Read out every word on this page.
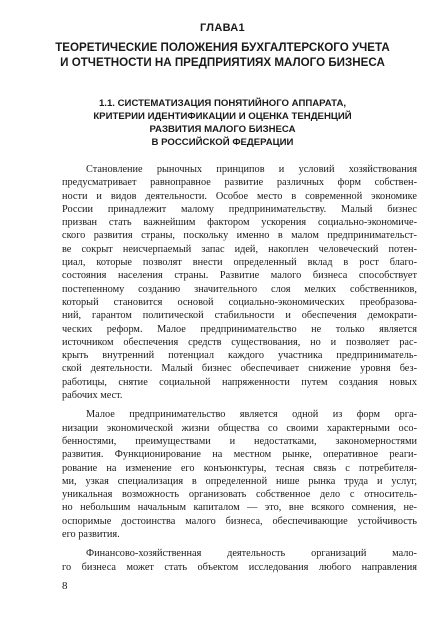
ГЛАВА1
ТЕОРЕТИЧЕСКИЕ ПОЛОЖЕНИЯ БУХГАЛТЕРСКОГО УЧЕТА
И ОТЧЕТНОСТИ НА ПРЕДПРИЯТИЯХ МАЛОГО БИЗНЕСА
1.1. СИСТЕМАТИЗАЦИЯ ПОНЯТИЙНОГО АППАРАТА,
КРИТЕРИИ ИДЕНТИФИКАЦИИ И ОЦЕНКА ТЕНДЕНЦИЙ
РАЗВИТИЯ МАЛОГО БИЗНЕСА
В РОССИЙСКОЙ ФЕДЕРАЦИИ
Становление рыночных принципов и условий хозяйствования
предусматривает равноправное развитие различных форм собствен-
ности и видов деятельности. Особое место в современной экономике
России принадлежит малому предпринимательству. Малый бизнес
призван стать важнейшим фактором ускорения социально-экономиче-
ского развития страны, поскольку именно в малом предпринимательст-
ве сокрыт неисчерпаемый запас идей, накоплен человеческий потен-
циал, которые позволят внести определенный вклад в рост благо-
состояния населения страны. Развитие малого бизнеса способствует
постепенному созданию значительного слоя мелких собственников,
который становится основой социально-экономических преобразова-
ний, гарантом политической стабильности и обеспечения демократи-
ческих реформ. Малое предпринимательство не только является
источником обеспечения средств существования, но и позволяет рас-
крыть внутренний потенциал каждого участника предприниматель-
ской деятельности. Малый бизнес обеспечивает снижение уровня без-
работицы, снятие социальной напряженности путем создания новых
рабочих мест.
Малое предпринимательство является одной из форм орга-
низации экономической жизни общества со своими характерными осо-
бенностями, преимуществами и недостатками, закономерностями
развития. Функционирование на местном рынке, оперативное реаги-
рование на изменение его конъюнктуры, тесная связь с потребителя-
ми, узкая специализация в определенной нише рынка труда и услуг,
уникальная возможность организовать собственное дело с относитель-
но небольшим начальным капиталом — это, вне всякого сомнения, не-
оспоримые достоинства малого бизнеса, обеспечивающие устойчивость
его развития.
Финансово-хозяйственная деятельность организаций мало-
го бизнеса может стать объектом исследования любого направления
8
